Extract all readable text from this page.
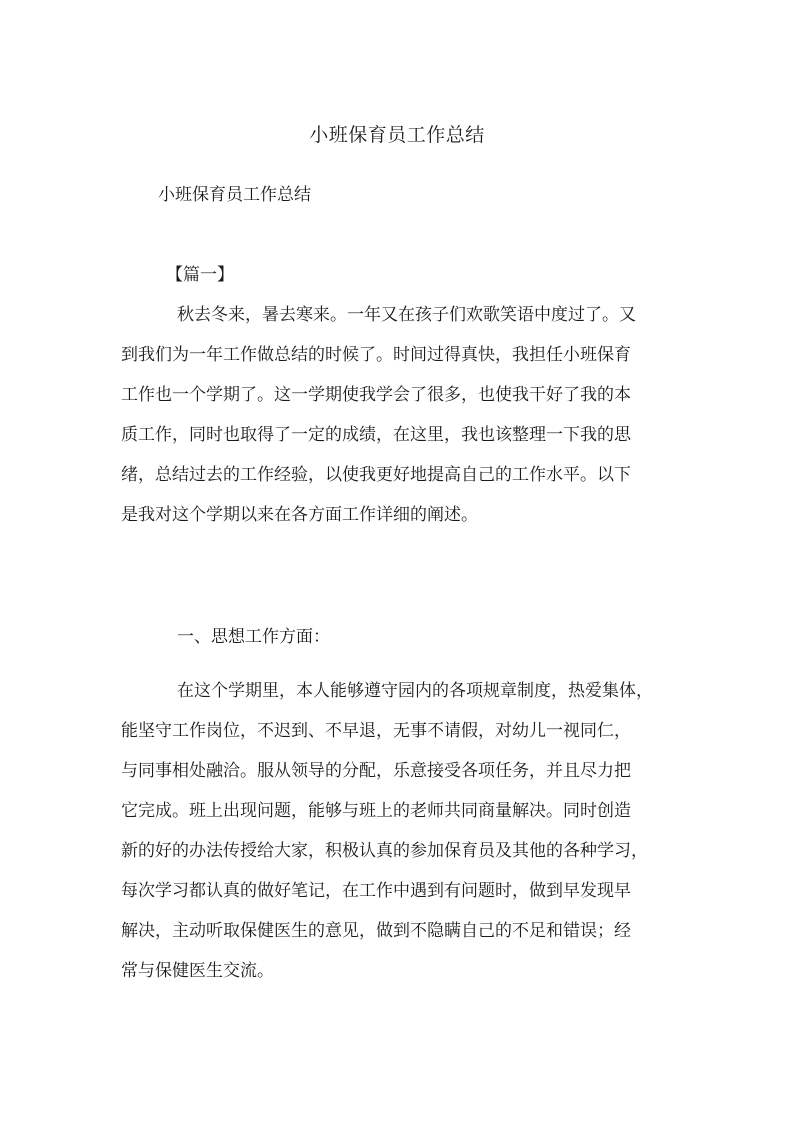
小班保育员工作总结
小班保育员工作总结
【篇一】
秋去冬来，暑去寒来。一年又在孩子们欢歌笑语中度过了。又
到我们为一年工作做总结的时候了。时间过得真快，我担任小班保育
工作也一个学期了。这一学期使我学会了很多，也使我干好了我的本
质工作，同时也取得了一定的成绩，在这里，我也该整理一下我的思
绪，总结过去的工作经验，以使我更好地提高自己的工作水平。以下
是我对这个学期以来在各方面工作详细的阐述。
一、思想工作方面：
在这个学期里，本人能够遵守园内的各项规章制度，热爱集体，
能坚守工作岗位，不迟到、不早退，无事不请假，对幼儿一视同仁，
与同事相处融洽。服从领导的分配，乐意接受各项任务，并且尽力把
它完成。班上出现问题，能够与班上的老师共同商量解决。同时创造
新的好的办法传授给大家，积极认真的参加保育员及其他的各种学习，
每次学习都认真的做好笔记，在工作中遇到有问题时，做到早发现早
解决，主动听取保健医生的意见，做到不隐瞒自己的不足和错误；经
常与保健医生交流。
